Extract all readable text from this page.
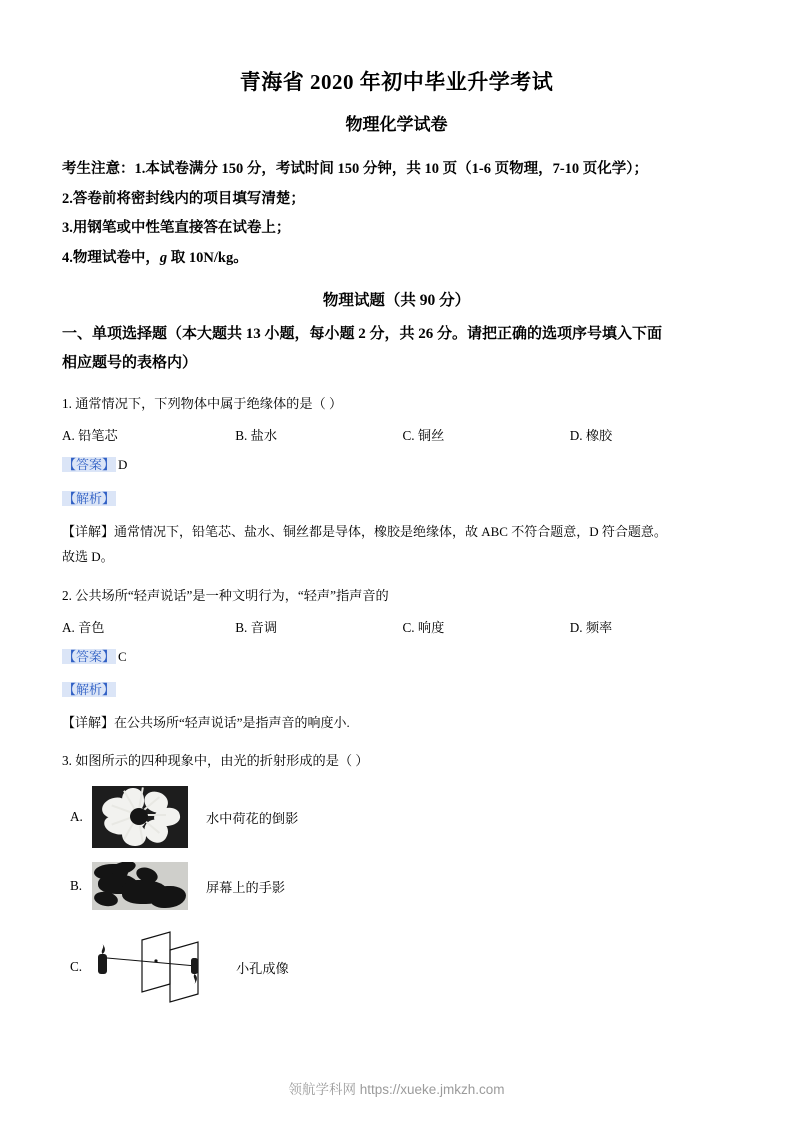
青海省 2020 年初中毕业升学考试
物理化学试卷
考生注意：1.本试卷满分 150 分，考试时间 150 分钟，共 10 页（1-6 页物理，7-10 页化学）；
2.答卷前将密封线内的项目填写清楚；
3.用钢笔或中性笔直接答在试卷上；
4.物理试卷中，g 取 10N/kg。
物理试题（共 90 分）
一、单项选择题（本大题共 13 小题，每小题 2 分，共 26 分。请把正确的选项序号填入下面
相应题号的表格内）
1. 通常情况下，下列物体中属于绝缘体的是（ ）
A. 铅笔芯	B. 盐水	C. 铜丝	D. 橡胶
【答案】 D
【解析】
【详解】通常情况下，铅笔芯、盐水、铜丝都是导体，橡胶是绝缘体，故 ABC 不符合题意，D 符合题意。
故选 D。
2. 公共场所“轻声说话”是一种文明行为，“轻声”指声音的
A. 音色	B. 音调	C. 响度	D. 频率
【答案】 C
【解析】
【详解】在公共场所“轻声说话”是指声音的响度小.
3. 如图所示的四种现象中，由光的折射形成的是（ ）
A.	水中荷花的倒影
B.	屏幕上的手影
C.	小孔成像
领航学科网 https://xueke.jmkzh.com
